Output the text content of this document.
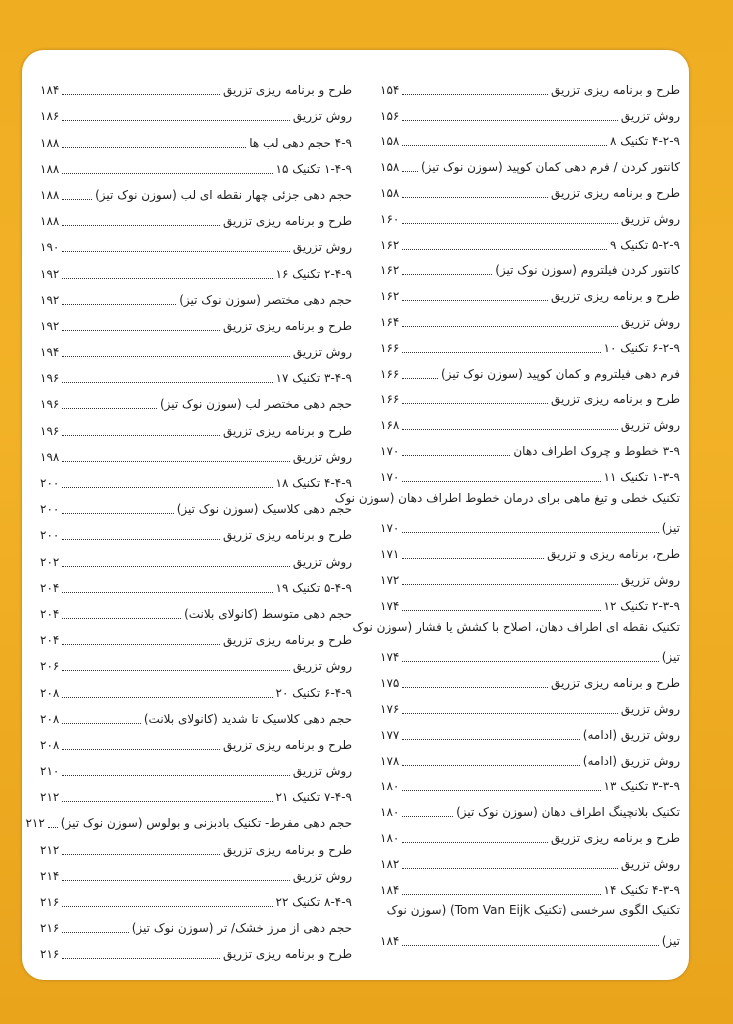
طرح و برنامه ریزی تزریق
۱۵۴
روش تزریق
۱۵۶
۴-۲-۹ تکنیک ۸
۱۵۸
کانتور کردن / فرم دهی کمان کوپید (سوزن نوک تیز)
۱۵۸
طرح و برنامه ریزی تزریق
۱۵۸
روش تزریق
۱۶۰
۵-۲-۹ تکنیک ۹
۱۶۲
کانتور کردن فیلتروم (سوزن نوک تیز)
۱۶۲
طرح و برنامه ریزی تزریق
۱۶۲
روش تزریق
۱۶۴
۶-۲-۹ تکنیک ۱۰
۱۶۶
فرم دهی فیلتروم و کمان کوپید (سوزن نوک تیز)
۱۶۶
طرح و برنامه ریزی تزریق
۱۶۶
روش تزریق
۱۶۸
۳-۹ خطوط و چروک اطراف دهان
۱۷۰
۱-۳-۹ تکنیک ۱۱
۱۷۰
تکنیک خطی و تیغ ماهی برای درمان خطوط اطراف دهان (سوزن نوک
تیز)
۱۷۰
طرح، برنامه ریزی و تزریق
۱۷۱
روش تزریق
۱۷۲
۲-۳-۹ تکنیک ۱۲
۱۷۴
تکنیک نقطه ای اطراف دهان، اصلاح با کشش یا فشار (سوزن نوک
تیز)
۱۷۴
طرح و برنامه ریزی تزریق
۱۷۵
روش تزریق
۱۷۶
روش تزریق (ادامه)
۱۷۷
روش تزریق (ادامه)
۱۷۸
۳-۳-۹ تکنیک ۱۳
۱۸۰
تکنیک بلانچینگ اطراف دهان (سوزن نوک تیز)
۱۸۰
طرح و برنامه ریزی تزریق
۱۸۰
روش تزریق
۱۸۲
۴-۳-۹ تکنیک ۱۴
۱۸۴
تکنیک الگوی سرخسی (تکنیک Tom Van Eijk) (سوزن نوک
تیز)
۱۸۴
طرح و برنامه ریزی تزریق
۱۸۴
روش تزریق
۱۸۶
۴-۹ حجم دهی لب ها
۱۸۸
۱-۴-۹ تکنیک ۱۵
۱۸۸
حجم دهی جزئی چهار نقطه ای لب (سوزن نوک تیز)
۱۸۸
طرح و برنامه ریزی تزریق
۱۸۸
روش تزریق
۱۹۰
۲-۴-۹ تکنیک ۱۶
۱۹۲
حجم دهی مختصر (سوزن نوک تیز)
۱۹۲
طرح و برنامه ریزی تزریق
۱۹۲
روش تزریق
۱۹۴
۳-۴-۹ تکنیک ۱۷
۱۹۶
حجم دهی مختصر لب (سوزن نوک تیز)
۱۹۶
طرح و برنامه ریزی تزریق
۱۹۶
روش تزریق
۱۹۸
۴-۴-۹ تکنیک ۱۸
۲۰۰
حجم دهی کلاسیک (سوزن نوک تیز)
۲۰۰
طرح و برنامه ریزی تزریق
۲۰۰
روش تزریق
۲۰۲
۵-۴-۹ تکنیک ۱۹
۲۰۴
حجم دهی متوسط (کانولای بلانت)
۲۰۴
طرح و برنامه ریزی تزریق
۲۰۴
روش تزریق
۲۰۶
۶-۴-۹ تکنیک ۲۰
۲۰۸
حجم دهی کلاسیک تا شدید (کانولای بلانت)
۲۰۸
طرح و برنامه ریزی تزریق
۲۰۸
روش تزریق
۲۱۰
۷-۴-۹ تکنیک ۲۱
۲۱۲
حجم دهی مفرط- تکنیک بادبزنی و بولوس (سوزن نوک تیز)
۲۱۲
طرح و برنامه ریزی تزریق
۲۱۲
روش تزریق
۲۱۴
۸-۴-۹ تکنیک ۲۲
۲۱۶
حجم دهی از مرز خشک/ تر (سوزن نوک تیز)
۲۱۶
طرح و برنامه ریزی تزریق
۲۱۶
